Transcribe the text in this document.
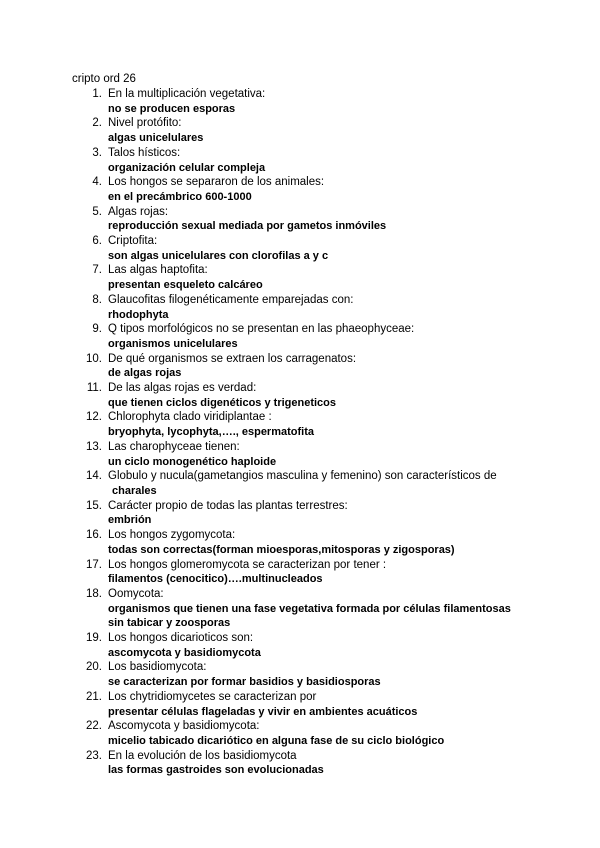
cripto ord 26
1. En la multiplicación vegetativa:
no se producen esporas
2. Nivel protófito:
algas unicelulares
3. Talos hísticos:
organización celular compleja
4. Los hongos se separaron de los animales:
en el precámbrico 600-1000
5. Algas rojas:
reproducción sexual mediada por gametos inmóviles
6. Criptofita:
son algas unicelulares con clorofilas a y c
7. Las algas haptofita:
presentan esqueleto calcáreo
8. Glaucofitas filogenéticamente emparejadas con:
rhodophyta
9. Q tipos morfológicos no se presentan en las phaeophyceae:
organismos unicelulares
10. De qué organismos se extraen los carragenatos:
de algas rojas
11. De las algas rojas es verdad:
que tienen ciclos digenéticos y trigeneticos
12. Chlorophyta clado viridiplantae :
bryophyta, lycophyta,…., espermatofita
13. Las charophyceae tienen:
un ciclo monogenético haploide
14. Globulo y nucula(gametangios masculina y femenino) son característicos de
charales
15. Carácter propio de todas las plantas terrestres:
embrión
16. Los hongos zygomycota:
todas son correctas(forman mioesporas,mitosporas y zigosporas)
17. Los hongos glomeromycota se caracterizan por tener :
filamentos (cenocitico)….multinucleados
18. Oomycota:
organismos que tienen una fase vegetativa formada por células filamentosas
sin tabicar y zoosporas
19. Los hongos dicarioticos son:
ascomycota y basidiomycota
20. Los basidiomycota:
se caracterizan por formar basidios y basidiosporas
21. Los chytridiomycetes se caracterizan por
presentar células flageladas y vivir en ambientes acuáticos
22. Ascomycota y basidiomycota:
micelio tabicado dicariótico en alguna fase de su ciclo biológico
23. En la evolución de los basidiomycota
las formas gastroides son evolucionadas
